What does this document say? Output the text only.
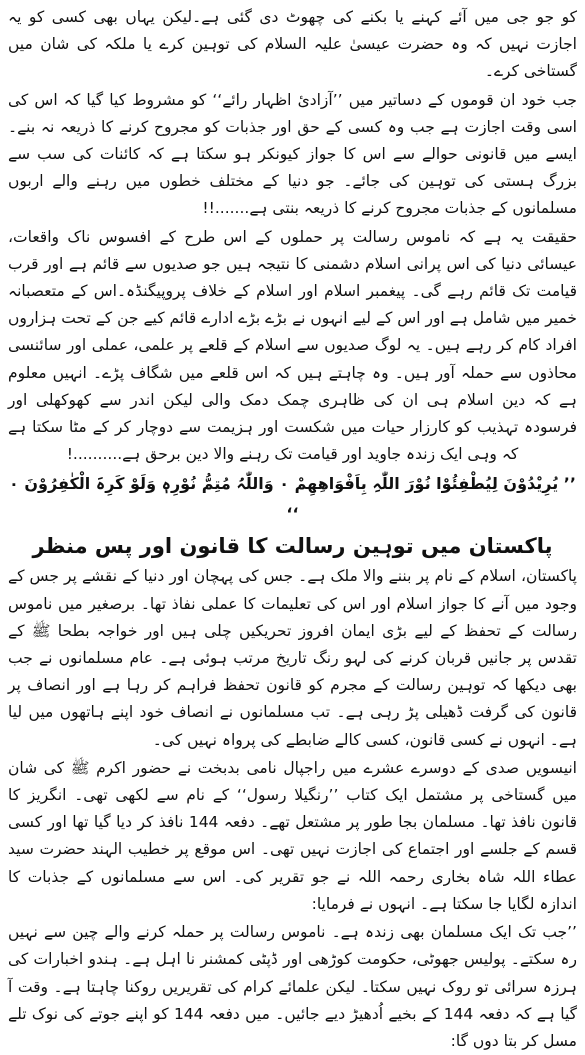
کو جو جی میں آئے کہنے یا بکنے کی چھوٹ دی گئی ہے۔لیکن یہاں بھی کسی کو یہ اجازت نہیں کہ وہ حضرت عیسیٰ علیہ السلام کی توہین کرے یا ملکہ کی شان میں گستاخی کرے۔

جب خود ان قوموں کے دساتیر میں ’’آزادیٔ اظہار رائے‘‘ کو مشروط کیا گیا کہ اس کی اسی وقت اجازت ہے جب وہ کسی کے حق اور جذبات کو مجروح کرنے کا ذریعہ نہ بنے۔ایسے میں قانونی حوالے سے اس کا جواز کیونکر ہو سکتا ہے کہ کائنات کی سب سے بزرگ ہستی کی توہین کی جائے۔ جو دنیا کے مختلف خطوں میں رہنے والے اربوں مسلمانوں کے جذبات مجروح کرنے کا ذریعہ بنتی ہے.......!!

حقیقت یہ ہے کہ ناموس رسالت پر حملوں کے اس طرح کے افسوس ناک واقعات، عیسائی دنیا کی اس پرانی اسلام دشمنی کا نتیجہ ہیں جو صدیوں سے قائم ہے اور قرب قیامت تک قائم رہے گی۔ پیغمبر اسلام اور اسلام کے خلاف پروپیگنڈہ۔اس کے متعصبانہ خمیر میں شامل ہے اور اس کے لیے انہوں نے بڑے بڑے ادارے قائم کیے جن کے تحت ہزاروں افراد کام کر رہے ہیں۔ یہ لوگ صدیوں سے اسلام کے قلعے پر علمی، عملی اور سائنسی محاذوں سے حملہ آور ہیں۔ وہ چاہتے ہیں کہ اس قلعے میں شگاف پڑے۔ انہیں معلوم ہے کہ دین اسلام ہی ان کی ظاہری چمک دمک والی لیکن اندر سے کھوکھلی اور فرسودہ تہذیب کو کارزار حیات میں شکست اور ہزیمت سے دوچار کر کے مٹا سکتا ہے کہ وہی ایک زندہ جاوید اور قیامت تک رہنے والا دین برحق ہے..........!

’’ یُرِیْدُوْنَ لِیُطْفِئُوْا نُوْرَ اللّٰہِ بِاَفْوَاھِھِمْ ۰ وَاللّٰہُ مُتِمُّ نُوْرِہٖ وَلَوْ کَرِہَ الْکٰفِرُوْنَ ۰ ‘‘

پاکستان میں توہین رسالت کا قانون اور پس منظر

پاکستان، اسلام کے نام پر بننے والا ملک ہے۔ جس کی پہچان اور دنیا کے نقشے پر جس کے وجود میں آنے کا جواز اسلام اور اس کی تعلیمات کا عملی نفاذ تھا۔ برصغیر میں ناموس رسالت کے تحفظ کے لیے بڑی ایمان افروز تحریکیں چلی ہیں اور خواجہ بطحا ﷺ کے تقدس پر جانیں قربان کرنے کی لہو رنگ تاریخ مرتب ہوئی ہے۔ عام مسلمانوں نے جب بھی دیکھا کہ توہین رسالت کے مجرم کو قانون تحفظ فراہم کر رہا ہے اور انصاف پر قانون کی گرفت ڈھیلی پڑ رہی ہے۔ تب مسلمانوں نے انصاف خود اپنے ہاتھوں میں لیا ہے۔ انہوں نے کسی قانون، کسی کالے ضابطے کی پرواہ نہیں کی۔

انیسویں صدی کے دوسرے عشرے میں راجپال نامی بدبخت نے حضور اکرم ﷺ کی شان میں گستاخی پر مشتمل ایک کتاب ’’رنگیلا رسول‘‘ کے نام سے لکھی تھی۔ انگریز کا قانون نافذ تھا۔ مسلمان بجا طور پر مشتعل تھے۔ دفعہ 144 نافذ کر دیا گیا تھا اور کسی قسم کے جلسے اور اجتماع کی اجازت نہیں تھی۔ اس موقع پر خطیب الہند حضرت سید عطاء اللہ شاہ بخاری رحمہ اللہ نے جو تقریر کی۔ اس سے مسلمانوں کے جذبات کا اندازہ لگایا جا سکتا ہے۔ انہوں نے فرمایا:

’’جب تک ایک مسلمان بھی زندہ ہے۔ ناموس رسالت پر حملہ کرنے والے چین سے نہیں رہ سکتے۔ پولیس جھوٹی، حکومت کوڑھی اور ڈپٹی کمشنر نا اہل ہے۔ ہندو اخبارات کی ہرزہ سرائی تو روک نہیں سکتا۔ لیکن علمائے کرام کی تقریریں روکنا چاہتا ہے۔ وقت آ گیا ہے کہ دفعہ 144 کے بخیے اُدھیڑ دیے جائیں۔ میں دفعہ 144 کو اپنے جوتے کی نوک تلے مسل کر بتا دوں گا:
